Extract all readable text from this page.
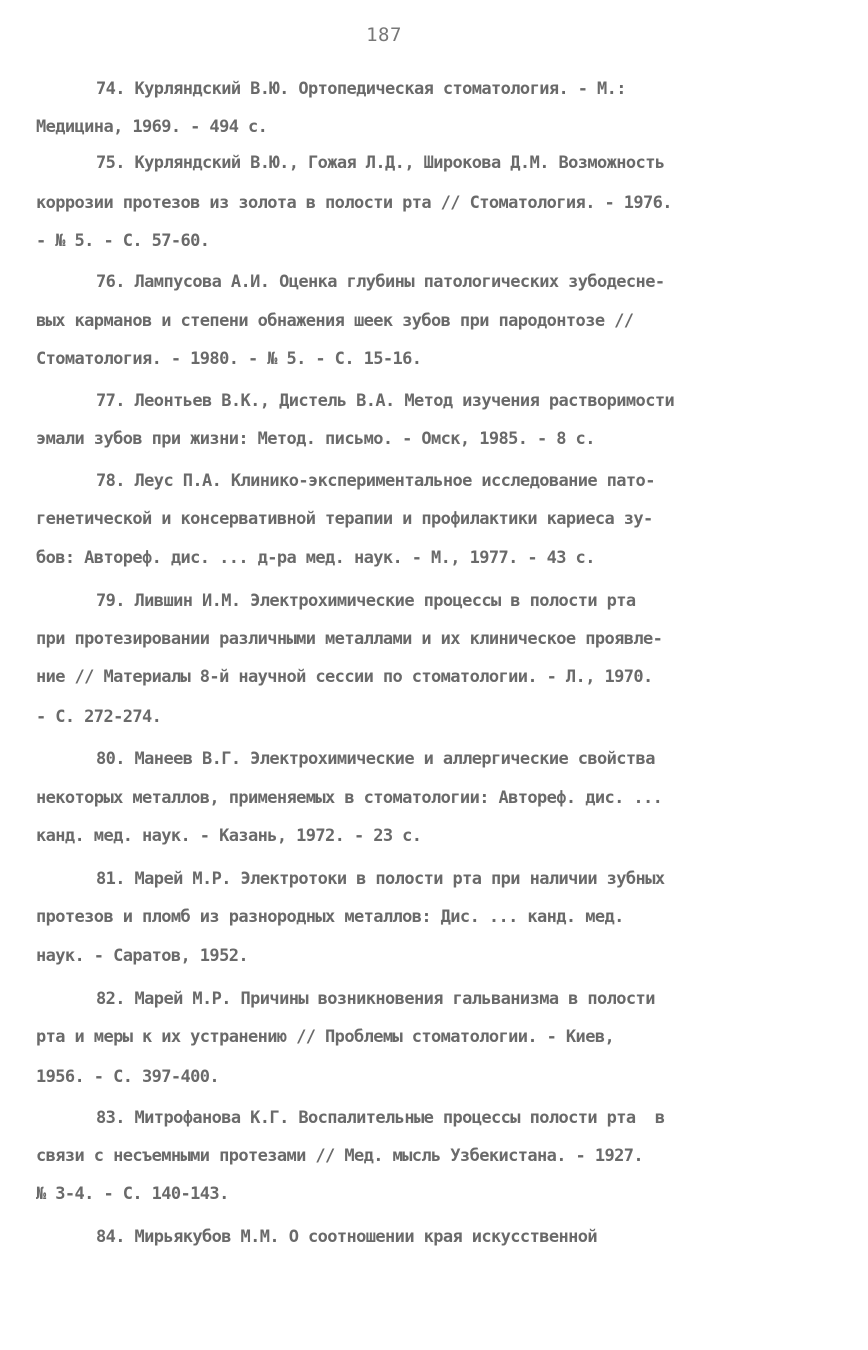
187
74. Курляндский В.Ю. Ортопедическая стоматология. - М.:
Медицина, 1969. - 494 с.
75. Курляндский В.Ю., Гожая Л.Д., Широкова Д.М. Возможность
коррозии протезов из золота в полости рта // Стоматология. - 1976.
- № 5. - С. 57-60.
76. Лампусова А.И. Оценка глубины патологических зубодесне-
вых карманов и степени обнажения шеек зубов при пародонтозе //
Стоматология. - 1980. - № 5. - С. 15-16.
77. Леонтьев В.К., Дистель В.А. Метод изучения растворимости
эмали зубов при жизни: Метод. письмо. - Омск, 1985. - 8 с.
78. Леус П.А. Клинико-экспериментальное исследование пато-
генетической и консервативной терапии и профилактики кариеса зу-
бов: Автореф. дис. ... д-ра мед. наук. - М., 1977. - 43 с.
79. Лившин И.М. Электрохимические процессы в полости рта
при протезировании различными металлами и их клиническое проявле-
ние // Материалы 8-й научной сессии по стоматологии. - Л., 1970.
- С. 272-274.
80. Манеев В.Г. Электрохимические и аллергические свойства
некоторых металлов, применяемых в стоматологии: Автореф. дис. ...
канд. мед. наук. - Казань, 1972. - 23 с.
81. Марей М.Р. Электротоки в полости рта при наличии зубных
протезов и пломб из разнородных металлов: Дис. ... канд. мед.
наук. - Саратов, 1952.
82. Марей М.Р. Причины возникновения гальванизма в полости
рта и меры к их устранению // Проблемы стоматологии. - Киев,
1956. - С. 397-400.
83. Митрофанова К.Г. Воспалительные процессы полости рта  в
связи с несъемными протезами // Мед. мысль Узбекистана. - 1927.
№ 3-4. - С. 140-143.
84. Мирьякубов М.М. О соотношении края искусственной
